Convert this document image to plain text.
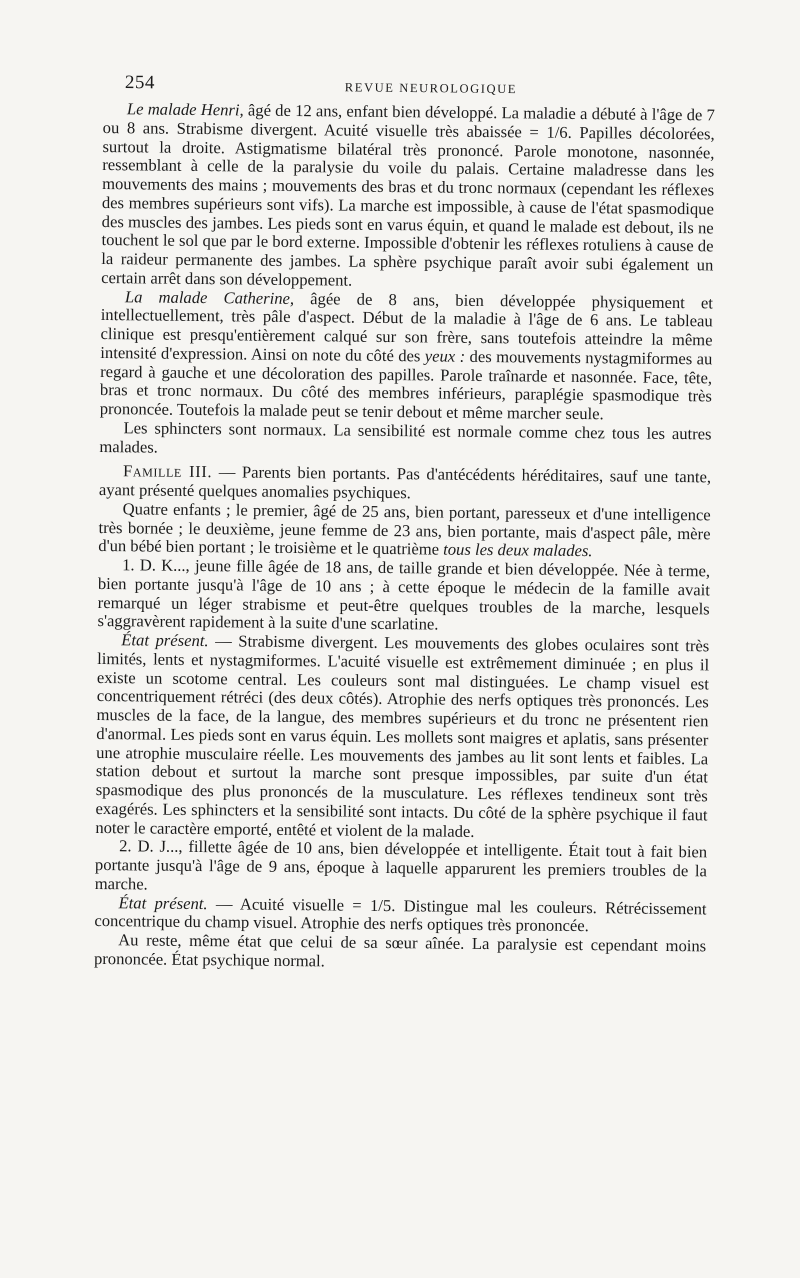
254	REVUE NEUROLOGIQUE

Le malade Henri, âgé de 12 ans, enfant bien développé. La maladie a débuté à l'âge de 7 ou 8 ans. Strabisme divergent. Acuité visuelle très abaissée = 1/6. Papilles décolorées, surtout la droite. Astigmatisme bilatéral très prononcé. Parole monotone, nasonnée, ressemblant à celle de la paralysie du voile du palais. Certaine maladresse dans les mouvements des mains ; mouvements des bras et du tronc normaux (cependant les réflexes des membres supérieurs sont vifs). La marche est impossible, à cause de l'état spasmodique des muscles des jambes. Les pieds sont en varus équin, et quand le malade est debout, ils ne touchent le sol que par le bord externe. Impossible d'obtenir les réflexes rotuliens à cause de la raideur permanente des jambes. La sphère psychique paraît avoir subi également un certain arrêt dans son développement.

La malade Catherine, âgée de 8 ans, bien développée physiquement et intellectuellement, très pâle d'aspect. Début de la maladie à l'âge de 6 ans. Le tableau clinique est presqu'entièrement calqué sur son frère, sans toutefois atteindre la même intensité d'expression. Ainsi on note du côté des yeux : des mouvements nystagmiformes au regard à gauche et une décoloration des papilles. Parole traînarde et nasonnée. Face, tête, bras et tronc normaux. Du côté des membres inférieurs, paraplégie spasmodique très prononcée. Toutefois la malade peut se tenir debout et même marcher seule.

Les sphincters sont normaux. La sensibilité est normale comme chez tous les autres malades.

Famille III. — Parents bien portants. Pas d'antécédents héréditaires, sauf une tante, ayant présenté quelques anomalies psychiques.

Quatre enfants ; le premier, âgé de 25 ans, bien portant, paresseux et d'une intelligence très bornée ; le deuxième, jeune femme de 23 ans, bien portante, mais d'aspect pâle, mère d'un bébé bien portant ; le troisième et le quatrième tous les deux malades.

1. D. K..., jeune fille âgée de 18 ans, de taille grande et bien développée. Née à terme, bien portante jusqu'à l'âge de 10 ans ; à cette époque le médecin de la famille avait remarqué un léger strabisme et peut-être quelques troubles de la marche, lesquels s'aggravèrent rapidement à la suite d'une scarlatine.

État présent. — Strabisme divergent. Les mouvements des globes oculaires sont très limités, lents et nystagmiformes. L'acuité visuelle est extrêmement diminuée ; en plus il existe un scotome central. Les couleurs sont mal distinguées. Le champ visuel est concentriquement rétréci (des deux côtés). Atrophie des nerfs optiques très prononcés. Les muscles de la face, de la langue, des membres supérieurs et du tronc ne présentent rien d'anormal. Les pieds sont en varus équin. Les mollets sont maigres et aplatis, sans présenter une atrophie musculaire réelle. Les mouvements des jambes au lit sont lents et faibles. La station debout et surtout la marche sont presque impossibles, par suite d'un état spasmodique des plus prononcés de la musculature. Les réflexes tendineux sont très exagérés. Les sphincters et la sensibilité sont intacts. Du côté de la sphère psychique il faut noter le caractère emporté, entêté et violent de la malade.

2. D. J..., fillette âgée de 10 ans, bien développée et intelligente. Était tout à fait bien portante jusqu'à l'âge de 9 ans, époque à laquelle apparurent les premiers troubles de la marche.

État présent. — Acuité visuelle = 1/5. Distingue mal les couleurs. Rétrécissement concentrique du champ visuel. Atrophie des nerfs optiques très prononcée.

Au reste, même état que celui de sa sœur aînée. La paralysie est cependant moins prononcée. État psychique normal.
